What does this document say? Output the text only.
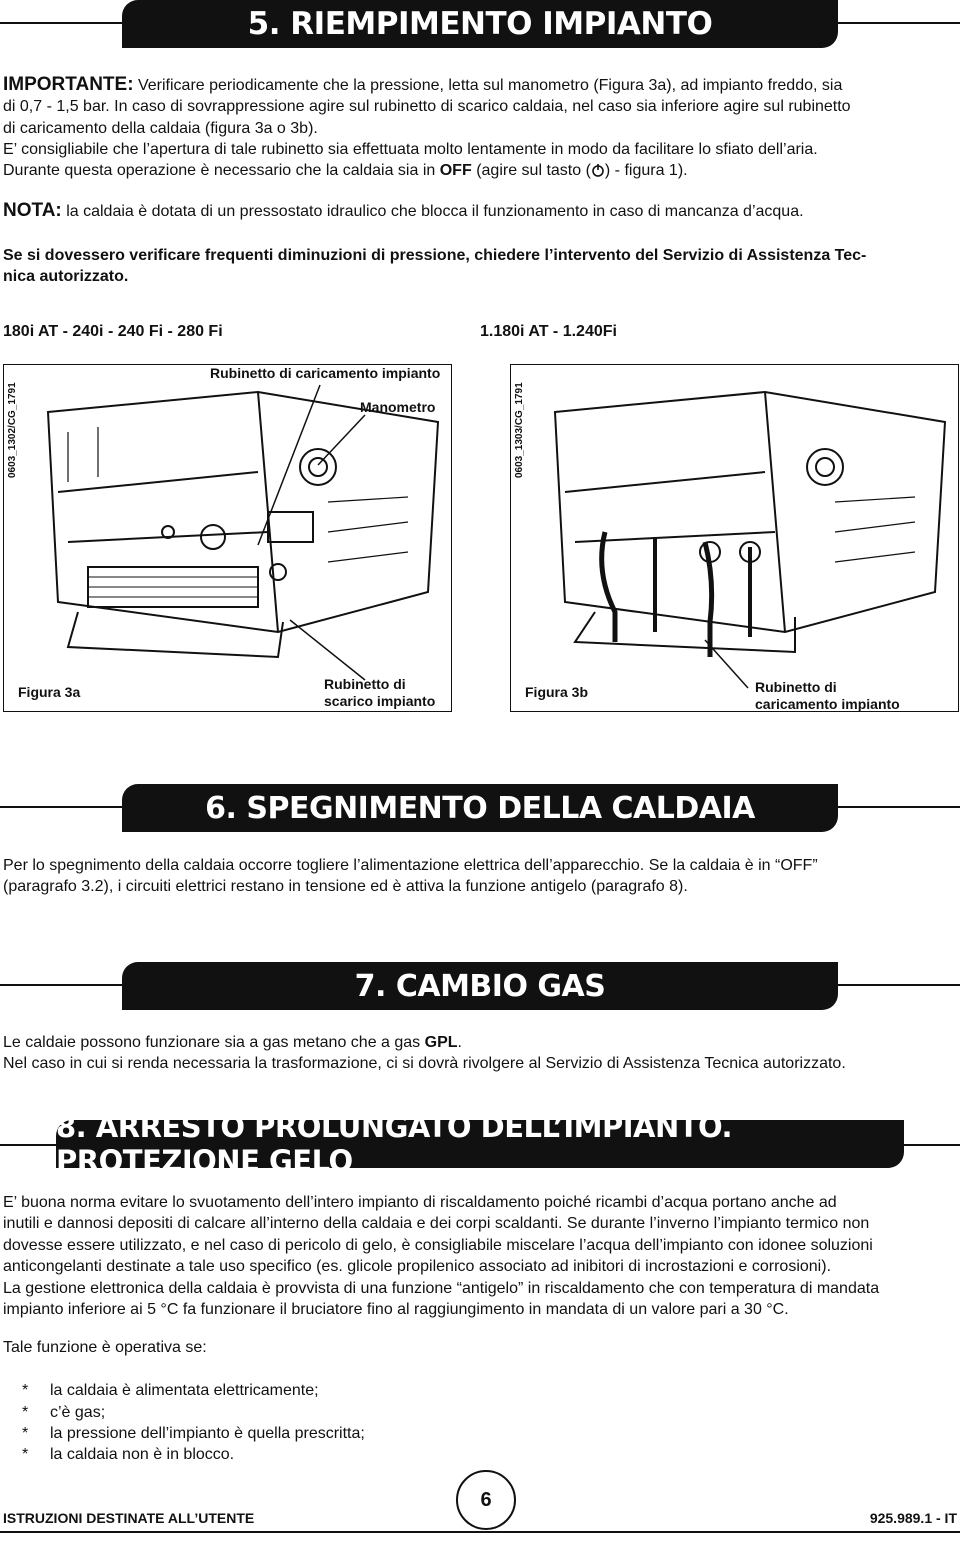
5. RIEMPIMENTO IMPIANTO

IMPORTANTE: Verificare periodicamente che la pressione, letta sul manometro (Figura 3a), ad impianto freddo, sia
di 0,7 - 1,5 bar. In caso di sovrappressione agire sul rubinetto di scarico caldaia, nel caso sia inferiore agire sul rubinetto
di caricamento della caldaia (figura 3a o 3b).

E’ consigliabile che l’apertura di tale rubinetto sia effettuata molto lentamente in modo da facilitare lo sfiato dell’aria.
Durante questa operazione è necessario che la caldaia sia in OFF (agire sul tasto ( ) - figura 1).

NOTA: la caldaia è dotata di un pressostato idraulico che blocca il funzionamento in caso di mancanza d’acqua.

Se si dovessero verificare frequenti diminuzioni di pressione, chiedere l’intervento del Servizio di Assistenza Tec-
nica autorizzato.

180i AT - 240i - 240 Fi - 280 Fi	1.180i AT - 1.240Fi
0603_1302/CG_1791
Rubinetto di caricamento impianto
Manometro
Figura 3a	Rubinetto di
scarico impianto
0603_1303/CG_1791
Figura 3b	Rubinetto di
caricamento impianto
6. SPEGNIMENTO DELLA CALDAIA

Per lo spegnimento della caldaia occorre togliere l’alimentazione elettrica dell’apparecchio. Se la caldaia è in “OFF”
(paragrafo 3.2), i circuiti elettrici restano in tensione ed è attiva la funzione antigelo (paragrafo 8).

7. CAMBIO GAS

Le caldaie possono funzionare sia a gas metano che a gas GPL.
Nel caso in cui si renda necessaria la trasformazione, ci si dovrà rivolgere al Servizio di Assistenza Tecnica autorizzato.

8. ARRESTO PROLUNGATO DELL’IMPIANTO. PROTEZIONE GELO

E’ buona norma evitare lo svuotamento dell’intero impianto di riscaldamento poiché ricambi d’acqua portano anche ad
inutili e dannosi depositi di calcare all’interno della caldaia e dei corpi scaldanti. Se durante l’inverno l’impianto termico non
dovesse essere utilizzato, e nel caso di pericolo di gelo, è consigliabile miscelare l’acqua dell’impianto con idonee soluzioni
anticongelanti destinate a tale uso specifico (es. glicole propilenico associato ad inibitori di incrostazioni e corrosioni).
La gestione elettronica della caldaia è provvista di una funzione “antigelo” in riscaldamento che con temperatura di mandata
impianto inferiore ai 5 °C fa funzionare il bruciatore fino al raggiungimento in mandata di un valore pari a 30 °C.

Tale funzione è operativa se:
* la caldaia è alimentata elettricamente;
* c’è gas;
* la pressione dell’impianto è quella prescritta;
* la caldaia non è in blocco.
ISTRUZIONI DESTINATE ALL’UTENTE
6
925.989.1 - IT
